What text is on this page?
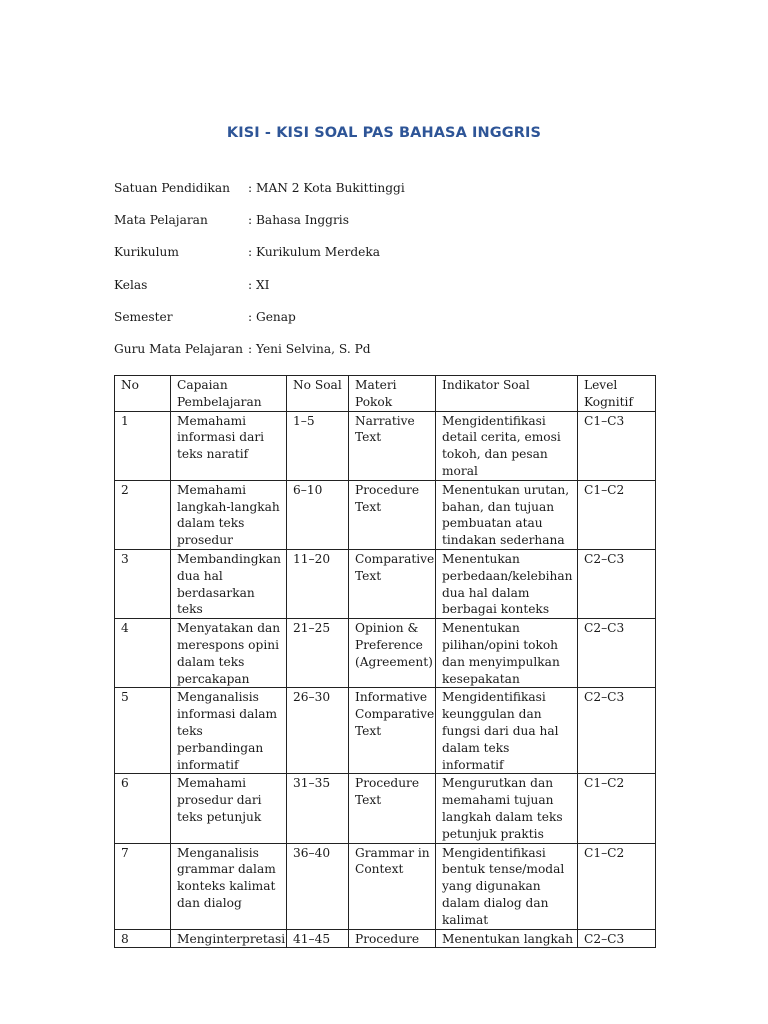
KISI - KISI SOAL PAS BAHASA INGGRIS
Satuan Pendidikan : MAN 2 Kota Bukittinggi
Mata Pelajaran	: Bahasa Inggris
Kurikulum	: Kurikulum Merdeka
Kelas	: XI
Semester	: Genap
Guru Mata Pelajaran : Yeni Selvina, S. Pd
No	Capaian Pembelajaran	No Soal	Materi Pokok	Indikator Soal	Level Kognitif
1	Memahami informasi dari teks naratif	1–5	Narrative Text	Mengidentifikasi detail cerita, emosi tokoh, dan pesan moral	C1–C3
2	Memahami langkah-langkah dalam teks prosedur	6–10	Procedure Text	Menentukan urutan, bahan, dan tujuan pembuatan atau tindakan sederhana	C1–C2
3	Membandingkan dua hal berdasarkan teks	11–20	Comparative Text	Menentukan perbedaan/kelebihan dua hal dalam berbagai konteks	C2–C3
4	Menyatakan dan merespons opini dalam teks percakapan	21–25	Opinion & Preference (Agreement)	Menentukan pilihan/opini tokoh dan menyimpulkan kesepakatan	C2–C3
5	Menganalisis informasi dalam teks perbandingan informatif	26–30	Informative Comparative Text	Mengidentifikasi keunggulan dan fungsi dari dua hal dalam teks informatif	C2–C3
6	Memahami prosedur dari teks petunjuk	31–35	Procedure Text	Mengurutkan dan memahami tujuan langkah dalam teks petunjuk praktis	C1–C2
7	Menganalisis grammar dalam konteks kalimat dan dialog	36–40	Grammar in Context	Mengidentifikasi bentuk tense/modal yang digunakan dalam dialog dan kalimat	C1–C2
8	Menginterpretasi	41–45	Procedure	Menentukan langkah	C2–C3
